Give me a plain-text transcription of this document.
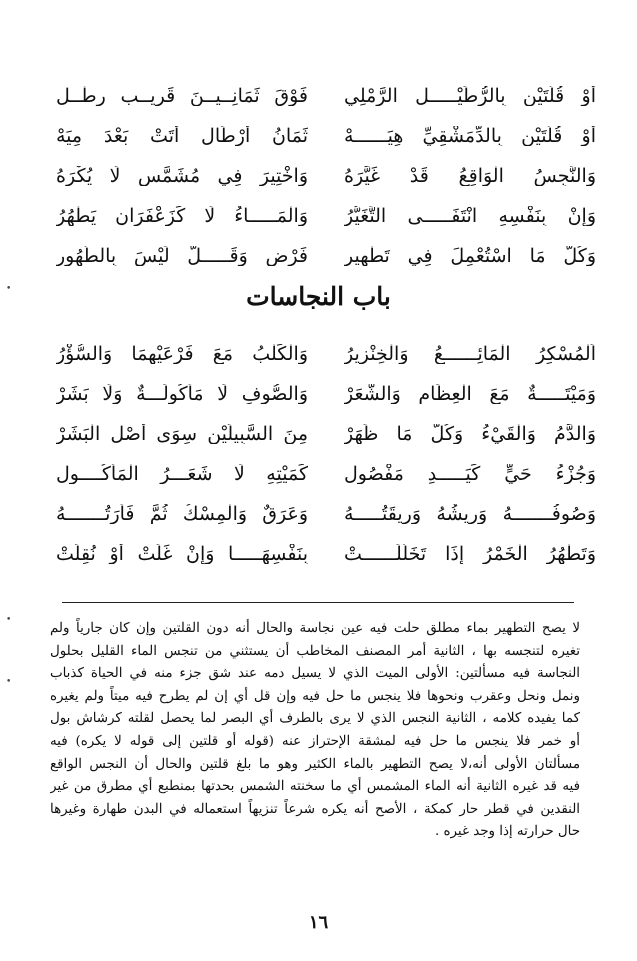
أَوْ قُلَّتَيْنِ بِالرُّطَيْـــــلِ الرَّمْلِي
فَوْقَ ثَمَانِــيــنَ قَرِيــبِ رِطْــلِ
أَوْ قُلَّتَيْنِ بِالدِّمَشْقِيِّ هِيَــــــهْ
ثَمَانُ أَرْطَالٍ أَتَتْ بَعْدَ مِيَهْ
وَالنَّجِسُ الْوَاقِعُ قَدْ غَيَّرَهُ
وَاخْتِيرَ فِي مُشَمَّسٍ لَا يُكْرَهُ
وَإِنْ بِنَفْسِهِ انْتَفَـــــى التَّغَيُّرُ
وَالْمَـــــاءُ لَا كَزَعْفَرَانٍ يَطْهُرُ
وَكُلُّ مَا اسْتُعْمِلَ فِي تَطْهِيرِ
فَرْضٍ وَقَـــــلَّ لَيْسَ بِالطَّهُورِ
باب النجاسات
اَلْمُسْكِرُ الْمَائِــــــعُ وَالْخِنْزِيرُ
وَالْكَلْبُ مَعَ فَرْعَيْهِمَا وَالسُّؤْرُ
وَمَيْتَـــــةٌ مَعَ الْعِظَامِ وَالشَّعَرْ
وَالصُّوفِ لَا مَأْكُولَـــةٌ وَلَا بَشَرْ
وَالدَّمُ وَالْقَيْءُ وَكُلُّ مَا ظَهَرْ
مِنَ السَّبِيلَيْنِ سِوَى أَصْلِ الْبَشَرْ
وَجُزْءُ حَيٍّ كَيَـــــدٍ مَفْصُولِ
كَمَيْتِهِ لَا شَعَـــرُ الْمَأْكُــــولِ
وَصُوفُـــــــهُ وَرِيشُهُ وَرِيقَتُـــــهُ
وَعَرَقٌ وَالْمِسْكُ ثُمَّ فَأْرَتُـــــــهُ
وَتَطْهُرُ الْخَمْرُ إِذَا تَخَلَّلَــــــتْ
بِنَفْسِهَـــــا وَإِنْ غَلَتْ أَوْ نُقِلَتْ
لا يصح التطهير بماء مطلق حلت فيه عين نجاسة والحال أنه دون القلتين وإن كان جارياً ولم
تغيره لتنجسه بها ، الثانية أمر المصنف المخاطب أن يستثني من تنجس الماء القليل بحلول
النجاسة فيه مسألتين: الأولى الميت الذي لا يسيل دمه عند شق جزء منه في الحياة كذباب
ونمل ونحل وعقرب ونحوها فلا ينجس ما حل فيه وإن قل أي إن لم يطرح فيه ميتاً ولم يغيره
كما يفيده كلامه ، الثانية النجس الذي لا يرى بالطرف أي البصر لما يحصل لقلته كرشاش بول
أو خمر فلا ينجس ما حل فيه لمشقة الإحتراز عنه (قوله أو قلتين إلى قوله لا يكره) فيه
مسألتان الأولى أنه،لا يصح التطهير بالماء الكثير وهو ما بلغ قلتين والحال أن النجس الواقع
فيه قد غيره الثانية أنه الماء المشمس أي ما سخنته الشمس بحدتها بمنطبع أي مطرق من غير
النقدين في قطر حار كمكة ، الأصح أنه يكره شرعاً تنزيهاً استعماله في البدن طهارة وغيرها
حال حرارته إذا وجد غيره .
١٦
•
•
•
